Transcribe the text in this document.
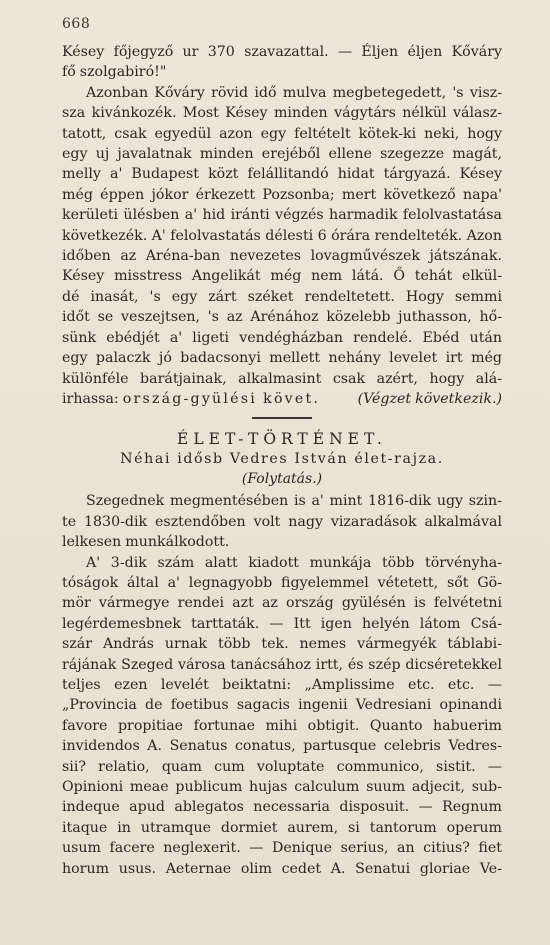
668
Késey főjegyző ur 370 szavazattal. — Éljen éljen Kőváry
fő szolgabiró!"
Azonban Kőváry rövid idő mulva megbetegedett, 's visz-
sza kivánkozék. Most Késey minden vágytárs nélkül válasz-
tatott, csak egyedül azon egy feltételt kötek-ki neki, hogy
egy uj javalatnak minden erejéből ellene szegezze magát,
melly a' Budapest közt felállitandó hidat tárgyazá. Késey
még éppen jókor érkezett Pozsonba; mert következő napa'
kerületi ülésben a' hid iránti végzés harmadik felolvastatása
következék. A' felolvastatás délesti 6 órára rendelteték. Azon
időben az Aréna-ban nevezetes lovagművészek játszának.
Késey misstress Angelikát még nem látá. Ő tehát elkül-
dé inasát, 's egy zárt széket rendeltetett. Hogy semmi
időt se veszejtsen, 's az Arénához közelebb juthasson, hő-
sünk ebédjét a' ligeti vendégházban rendelé. Ebéd után
egy palaczk jó badacsonyi mellett nehány levelet irt még
különféle barátjainak, alkalmasint csak azért, hogy alá-
irhassa: ország-gyülési követ.	(Végzet következik.)

ÉLET-TÖRTÉNET.

Néhai idősb Vedres István élet-rajza.

(Folytatás.)

Szegednek megmentésében is a' mint 1816-dik ugy szin-
te 1830-dik esztendőben volt nagy vizaradások alkalmával
lelkesen munkálkodott.
A' 3-dik szám alatt kiadott munkája több törvényha-
tóságok által a' legnagyobb figyelemmel vétetett, sőt Gö-
mör vármegye rendei azt az ország gyülésén is felvétetni
legérdemesbnek tarttaták. — Itt igen helyén látom Csá-
szár András urnak több tek. nemes vármegyék táblabi-
rájának Szeged városa tanácsához irtt, és szép dicséretekkel
teljes ezen levelét beiktatni: „Amplissime etc. etc. —
„Provincia de foetibus sagacis ingenii Vedresiani opinandi
favore propitiae fortunae mihi obtigit. Quanto habuerim
invidendos A. Senatus conatus, partusque celebris Vedres-
sii? relatio, quam cum voluptate communico, sistit. —
Opinioni meae publicum hujas calculum suum adjecit, sub-
indeque apud ablegatos necessaria disposuit. — Regnum
itaque in utramque dormiet aurem, si tantorum operum
usum facere neglexerit. — Denique serius, an citius? fiet
horum usus. Aeternae olim cedet A. Senatui gloriae Ve-
